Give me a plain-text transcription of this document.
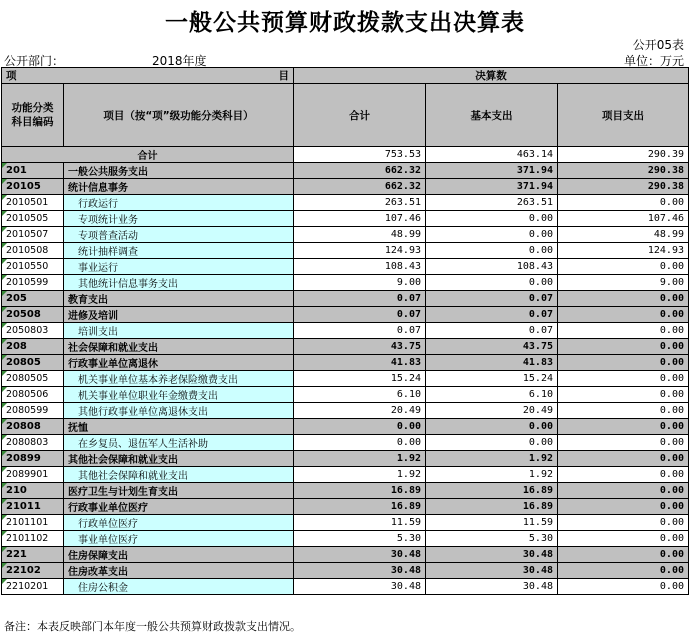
一般公共预算财政拨款支出决算表
公开05表
公开部门：	2018年度	单位：万元
项 目		决算数		

功能分类
科目编码	项目（按“项”级功能分类科目）	合计	基本支出	项目支出
合计		753.53	463.14	290.39
201	一般公共服务支出	662.32	371.94	290.38
20105	统计信息事务	662.32	371.94	290.38
2010501	行政运行	263.51	263.51	0.00
2010505	专项统计业务	107.46	0.00	107.46
2010507	专项普查活动	48.99	0.00	48.99
2010508	统计抽样调查	124.93	0.00	124.93
2010550	事业运行	108.43	108.43	0.00
2010599	其他统计信息事务支出	9.00	0.00	9.00
205	教育支出	0.07	0.07	0.00
20508	进修及培训	0.07	0.07	0.00
2050803	培训支出	0.07	0.07	0.00
208	社会保障和就业支出	43.75	43.75	0.00
20805	行政事业单位离退休	41.83	41.83	0.00
2080505	机关事业单位基本养老保险缴费支出	15.24	15.24	0.00
2080506	机关事业单位职业年金缴费支出	6.10	6.10	0.00
2080599	其他行政事业单位离退休支出	20.49	20.49	0.00
20808	抚恤	0.00	0.00	0.00
2080803	在乡复员、退伍军人生活补助	0.00	0.00	0.00
20899	其他社会保障和就业支出	1.92	1.92	0.00
2089901	其他社会保障和就业支出	1.92	1.92	0.00
210	医疗卫生与计划生育支出	16.89	16.89	0.00
21011	行政事业单位医疗	16.89	16.89	0.00
2101101	行政单位医疗	11.59	11.59	0.00
2101102	事业单位医疗	5.30	5.30	0.00
221	住房保障支出	30.48	30.48	0.00
22102	住房改革支出	30.48	30.48	0.00
2210201	住房公积金	30.48	30.48	0.00
备注：本表反映部门本年度一般公共预算财政拨款支出情况。
